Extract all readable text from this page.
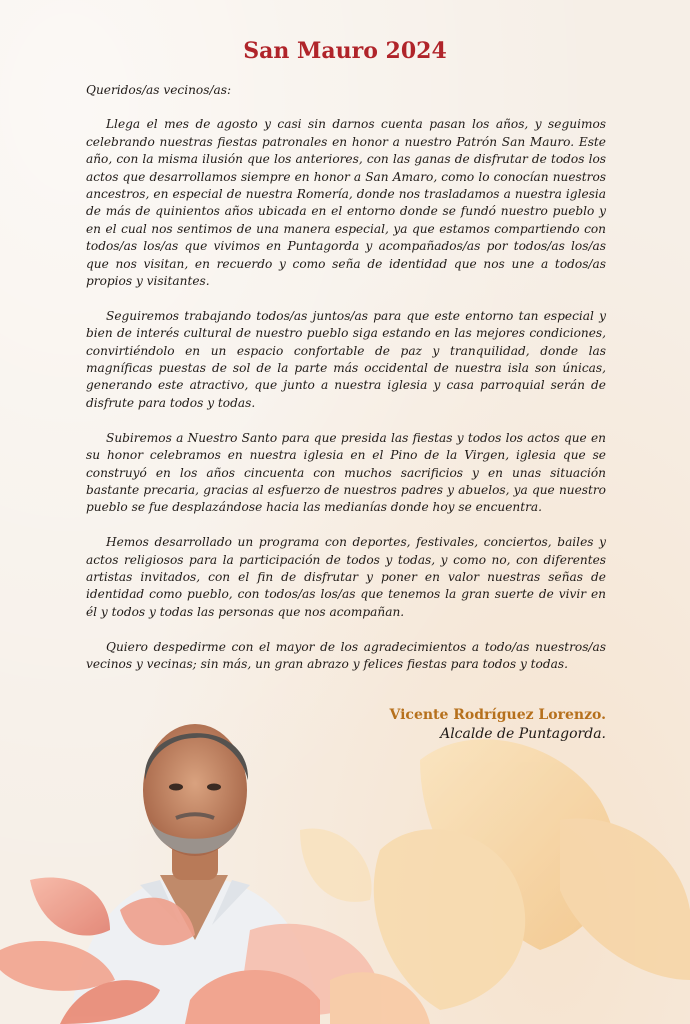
San Mauro 2024

Queridos/as vecinos/as:

Llega el mes de agosto y casi sin darnos cuenta pasan los años, y seguimos celebrando nuestras fiestas patronales en honor a nuestro Patrón San Mauro. Este año, con la misma ilusión que los anteriores, con las ganas de disfrutar de todos los actos que desarrollamos siempre en honor a San Amaro, como lo conocían nuestros ancestros, en especial de nuestra Romería, donde nos trasladamos a nuestra iglesia de más de quinientos años ubicada en el entorno donde se fundó nuestro pueblo y en el cual nos sentimos de una manera especial, ya que estamos compartiendo con todos/as los/as que vivimos en Puntagorda y acompañados/as por todos/as los/as que nos visitan, en recuerdo y como seña de identidad que nos une a todos/as propios y visitantes.

Seguiremos trabajando todos/as juntos/as para que este entorno tan especial y bien de interés cultural de nuestro pueblo siga estando en las mejores condiciones, convirtiéndolo en un espacio confortable de paz y tranquilidad, donde las magníficas puestas de sol de la parte más occidental de nuestra isla son únicas, generando este atractivo, que junto a nuestra iglesia y casa parroquial serán de disfrute para todos y todas.

Subiremos a Nuestro Santo para que presida las fiestas y todos los actos que en su honor celebramos en nuestra iglesia en el Pino de la Virgen, iglesia que se construyó en los años cincuenta con muchos sacrificios y en unas situación bastante precaria, gracias al esfuerzo de nuestros padres y abuelos, ya que nuestro pueblo se fue desplazándose hacia las medianías donde hoy se encuentra.

Hemos desarrollado un programa con deportes, festivales, conciertos, bailes y actos religiosos para la participación de todos y todas, y como no, con diferentes artistas invitados, con el fin de disfrutar y poner en valor nuestras señas de identidad como pueblo, con todos/as los/as que tenemos la gran suerte de vivir en él y todos y todas las personas que nos acompañan.

Quiero despedirme con el mayor de los agradecimientos a todo/as nuestros/as vecinos y vecinas; sin más, un gran abrazo y felices fiestas para todos y todas.

Vicente Rodríguez Lorenzo.
Alcalde de Puntagorda.
